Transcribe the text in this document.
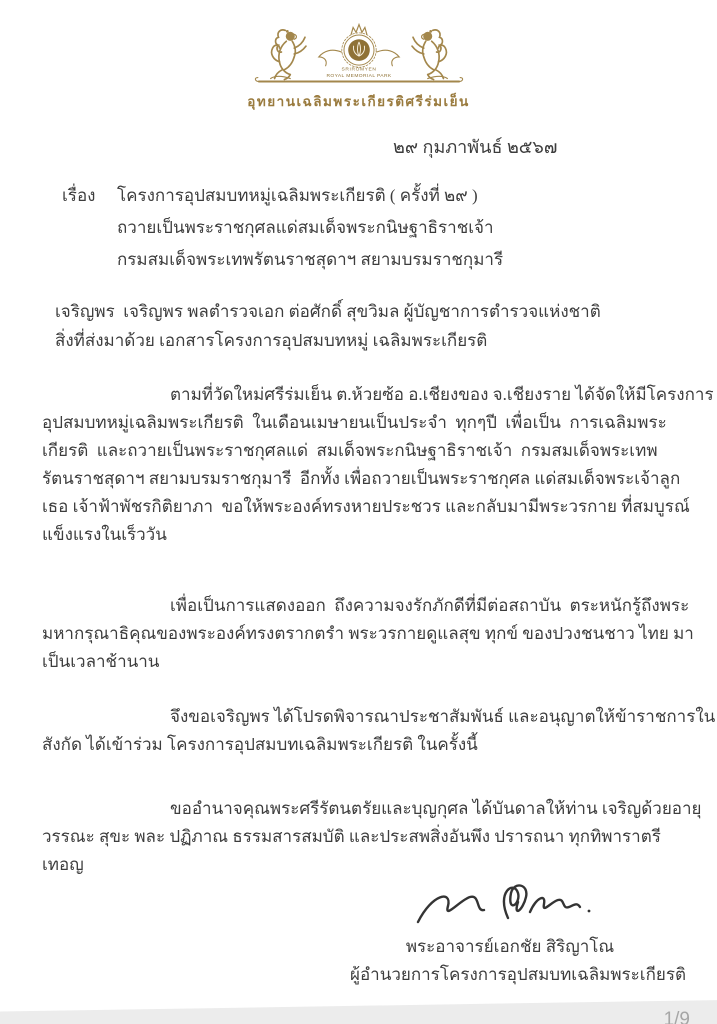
SRIROMYEN
ROYAL MEMORIAL PARK
อุทยานเฉลิมพระเกียรติศรีร่มเย็น
๒๙ กุมภาพันธ์ ๒๕๖๗
เรื่อง	โครงการอุปสมบทหมู่เฉลิมพระเกียรติ ( ครั้งที่ ๒๙ )
ถวายเป็นพระราชกุศลแด่สมเด็จพระกนิษฐาธิราชเจ้า
กรมสมเด็จพระเทพรัตนราชสุดาฯ สยามบรมราชกุมารี
เจริญพร  เจริญพร พลตำรวจเอก ต่อศักดิ์ สุขวิมล ผู้บัญชาการตำรวจแห่งชาติ
สิ่งที่ส่งมาด้วย เอกสารโครงการอุปสมบทหมู่ เฉลิมพระเกียรติ
ตามที่วัดใหม่ศรีร่มเย็น ต.ห้วยซ้อ อ.เชียงของ จ.เชียงราย ได้จัดให้มีโครงการ
อุปสมบทหมู่เฉลิมพระเกียรติ  ในเดือนเมษายนเป็นประจำ  ทุกๆปี  เพื่อเป็น  การเฉลิมพระ
เกียรติ  และถวายเป็นพระราชกุศลแด่  สมเด็จพระกนิษฐาธิราชเจ้า  กรมสมเด็จพระเทพ
รัตนราชสุดาฯ สยามบรมราชกุมารี  อีกทั้ง เพื่อถวายเป็นพระราชกุศล แด่สมเด็จพระเจ้าลูก
เธอ เจ้าฟ้าพัชรกิติยาภา  ขอให้พระองค์ทรงหายประชวร และกลับมามีพระวรกาย ที่สมบูรณ์
แข็งแรงในเร็ววัน
เพื่อเป็นการแสดงออก  ถึงความจงรักภักดีที่มีต่อสถาบัน  ตระหนักรู้ถึงพระ
มหากรุณาธิคุณของพระองค์ทรงตรากตรำ พระวรกายดูแลสุข ทุกข์ ของปวงชนชาว ไทย มา
เป็นเวลาช้านาน
จึงขอเจริญพร ได้โปรดพิจารณาประชาสัมพันธ์ และอนุญาตให้ข้าราชการใน
สังกัด ได้เข้าร่วม โครงการอุปสมบทเฉลิมพระเกียรติ ในครั้งนี้
ขออำนาจคุณพระศรีรัตนตรัยและบุญกุศล ได้บันดาลให้ท่าน เจริญด้วยอายุ
วรรณะ สุขะ พละ ปฏิภาณ ธรรมสารสมบัติ และประสพสิ่งอันพึง ปรารถนา ทุกทิพาราตรี
เทอญ
พระอาจารย์เอกชัย สิริญาโณ
ผู้อำนวยการโครงการอุปสมบทเฉลิมพระเกียรติ
1/9
